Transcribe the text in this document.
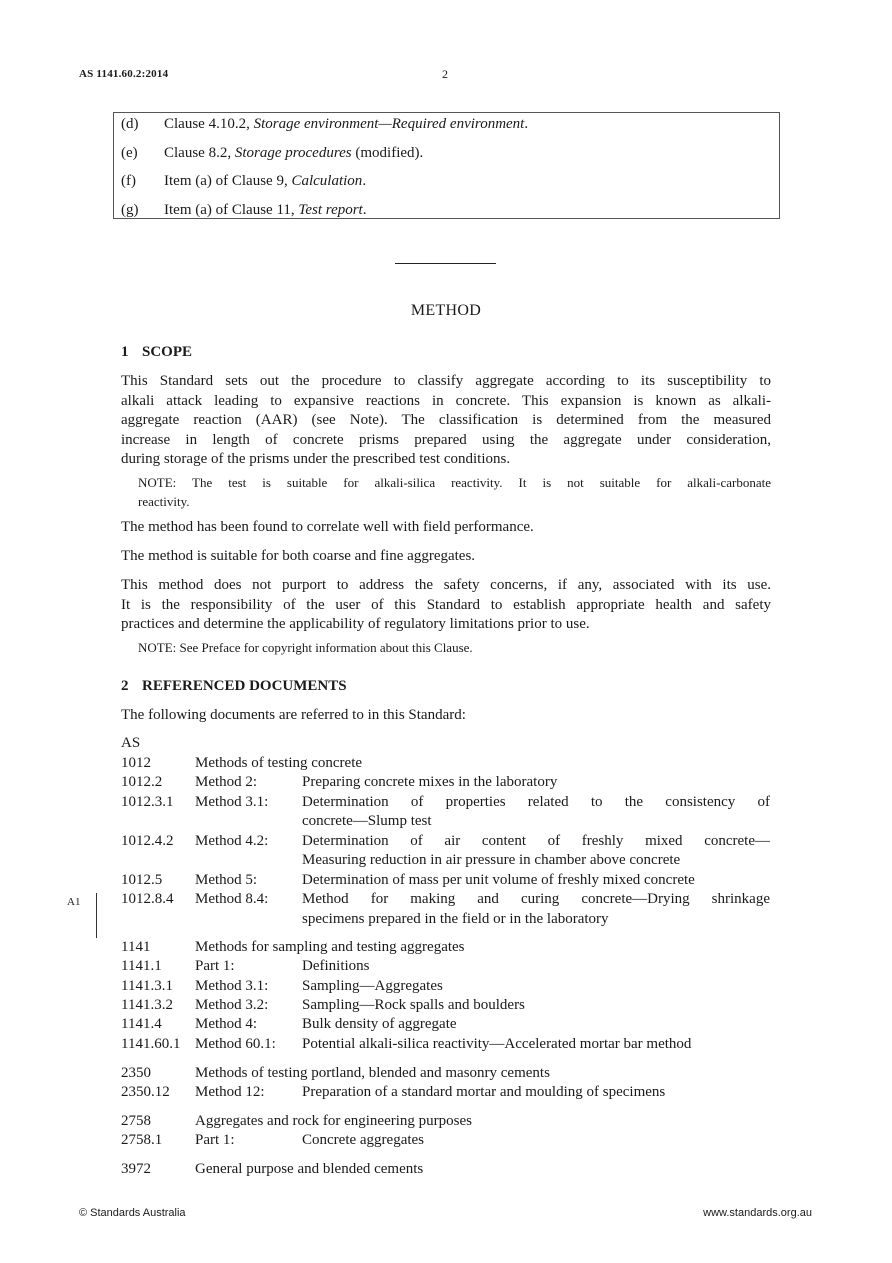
AS 1141.60.2:2014	2
(d) Clause 4.10.2, Storage environment—Required environment.
(e) Clause 8.2, Storage procedures (modified).
(f) Item (a) of Clause 9, Calculation.
(g) Item (a) of Clause 11, Test report.
METHOD
1 SCOPE
This Standard sets out the procedure to classify aggregate according to its susceptibility to
alkali attack leading to expansive reactions in concrete. This expansion is known as alkali-
aggregate reaction (AAR) (see Note). The classification is determined from the measured
increase in length of concrete prisms prepared using the aggregate under consideration,
during storage of the prisms under the prescribed test conditions.
NOTE: The test is suitable for alkali-silica reactivity. It is not suitable for alkali-carbonate
reactivity.
The method has been found to correlate well with field performance.
The method is suitable for both coarse and fine aggregates.
This method does not purport to address the safety concerns, if any, associated with its use.
It is the responsibility of the user of this Standard to establish appropriate health and safety
practices and determine the applicability of regulatory limitations prior to use.
NOTE: See Preface for copyright information about this Clause.
2 REFERENCED DOCUMENTS
The following documents are referred to in this Standard:
AS
1012	Methods of testing concrete
1012.2 Method 2:	Preparing concrete mixes in the laboratory
1012.3.1 Method 3.1: Determination of properties related to the consistency of
concrete—Slump test
1012.4.2 Method 4.2: Determination of air content of freshly mixed concrete—
Measuring reduction in air pressure in chamber above concrete
1012.5 Method 5:	Determination of mass per unit volume of freshly mixed concrete
A1	1012.8.4 Method 8.4: Method for making and curing concrete—Drying shrinkage
specimens prepared in the field or in the laboratory
1141	Methods for sampling and testing aggregates
1141.1 Part 1:	Definitions
1141.3.1 Method 3.1: Sampling—Aggregates
1141.3.2 Method 3.2: Sampling—Rock spalls and boulders
1141.4 Method 4:	Bulk density of aggregate
1141.60.1 Method 60.1: Potential alkali-silica reactivity—Accelerated mortar bar method
2350	Methods of testing portland, blended and masonry cements
2350.12 Method 12: Preparation of a standard mortar and moulding of specimens
2758	Aggregates and rock for engineering purposes
2758.1 Part 1:	Concrete aggregates
3972	General purpose and blended cements
© Standards Australia	www.standards.org.au
